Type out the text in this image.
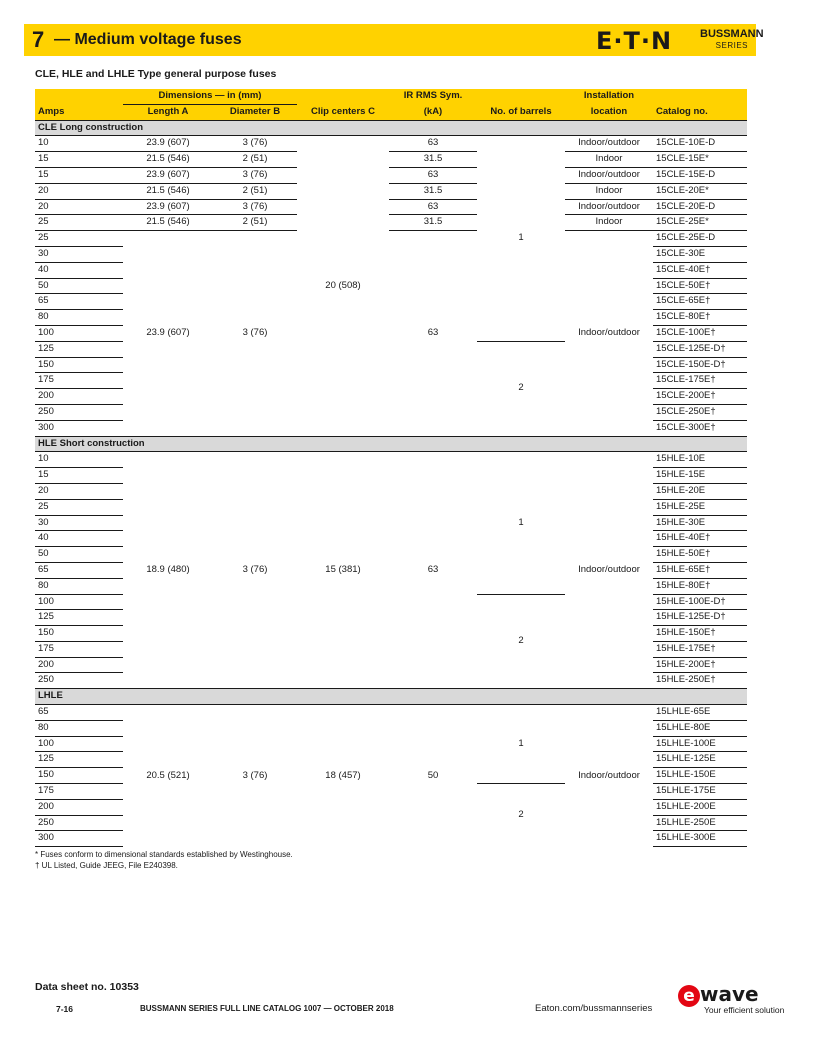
7 — Medium voltage fuses	E·T·N	BUSSMANN
SERIES
CLE, HLE and LHLE Type general purpose fuses
	Dimensions — in (mm)			IR RMS Sym.		Installation	
Amps	Length A	Diameter B	Clip centers C	(kA)	No. of barrels	location	Catalog no.
CLE Long construction							
10	23.9 (607)	3 (76)	20 (508)	63	1	Indoor/outdoor	15CLE-10E-D
15	21.5 (546)	2 (51)		31.5		Indoor	15CLE-15E*
15	23.9 (607)	3 (76)		63		Indoor/outdoor	15CLE-15E-D
20	21.5 (546)	2 (51)		31.5		Indoor	15CLE-20E*
20	23.9 (607)	3 (76)		63		Indoor/outdoor	15CLE-20E-D
25	21.5 (546)	2 (51)		31.5		Indoor	15CLE-25E*
25	23.9 (607)	3 (76)		63		Indoor/outdoor	15CLE-25E-D
30							15CLE-30E
40							15CLE-40E†
50							15CLE-50E†
65							15CLE-65E†
80							15CLE-80E†
100							15CLE-100E†
125					2		15CLE-125E-D†
150							15CLE-150E-D†
175							15CLE-175E†
200							15CLE-200E†
250							15CLE-250E†
300							15CLE-300E†
HLE Short construction							
10	18.9 (480)	3 (76)	15 (381)	63	1	Indoor/outdoor	15HLE-10E
15							15HLE-15E
20							15HLE-20E
25							15HLE-25E
30							15HLE-30E
40							15HLE-40E†
50							15HLE-50E†
65							15HLE-65E†
80							15HLE-80E†
100					2		15HLE-100E-D†
125							15HLE-125E-D†
150							15HLE-150E†
175							15HLE-175E†
200							15HLE-200E†
250							15HLE-250E†
LHLE							
65	20.5 (521)	3 (76)	18 (457)	50	1	Indoor/outdoor	15LHLE-65E
80							15LHLE-80E
100							15LHLE-100E
125							15LHLE-125E
150							15LHLE-150E
175					2		15LHLE-175E
200							15LHLE-200E
250							15LHLE-250E
300							15LHLE-300E
* Fuses conform to dimensional standards established by Westinghouse.
† UL Listed, Guide JEEG, File E240398.
Data sheet no. 10353
7-16	BUSSMANN SERIES FULL LINE CATALOG 1007 — OCTOBER 2018	Eaton.com/bussmannseries
e wave
Your efficient solution
